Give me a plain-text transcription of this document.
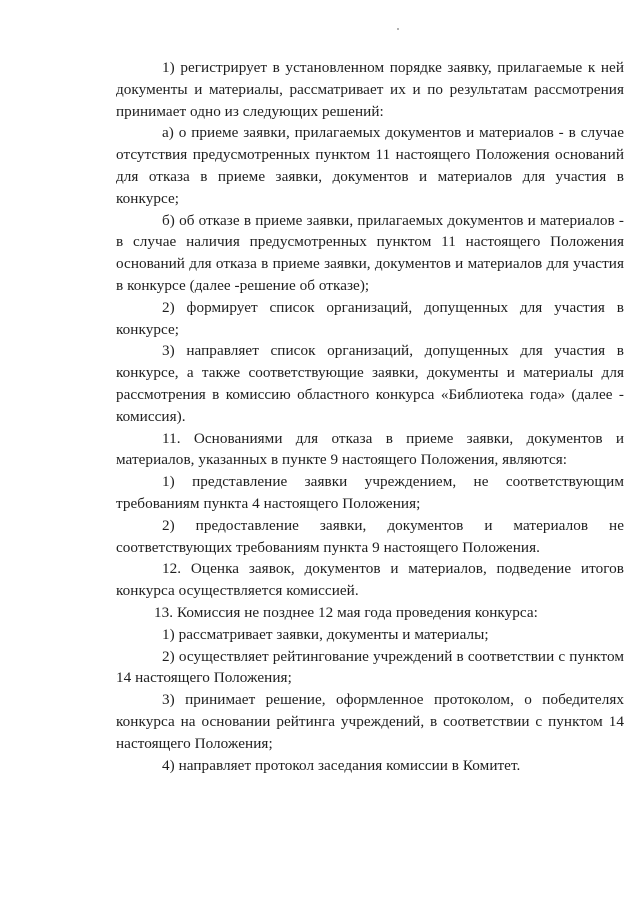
1) регистрирует в установленном порядке заявку, прилагаемые к ней документы и материалы, рассматривает их и по результатам рассмотрения принимает одно из следующих решений:

а) о приеме заявки, прилагаемых документов и материалов - в случае отсутствия предусмотренных пунктом 11 настоящего Положения оснований для отказа в приеме заявки, документов и материалов для участия в конкурсе;

б) об отказе в приеме заявки, прилагаемых документов и материалов - в случае наличия предусмотренных пунктом 11 настоящего Положения оснований для отказа в приеме заявки, документов и материалов для участия в конкурсе (далее -решение об отказе);

2) формирует список организаций, допущенных для участия в конкурсе;

3) направляет список организаций, допущенных для участия в конкурсе, а также соответствующие заявки, документы и материалы для рассмотрения в комиссию областного конкурса «Библиотека года» (далее - комиссия).

11. Основаниями для отказа в приеме заявки, документов и материалов, указанных в пункте 9 настоящего Положения, являются:

1) представление заявки учреждением, не соответствующим требованиям пункта 4 настоящего Положения;

2) предоставление заявки, документов и материалов не соответствующих требованиям пункта 9 настоящего Положения.

12. Оценка заявок, документов и материалов, подведение итогов конкурса осуществляется комиссией.

13. Комиссия не позднее 12 мая года проведения конкурса:

1) рассматривает заявки, документы и материалы;

2) осуществляет рейтингование учреждений в соответствии с пунктом 14 настоящего Положения;

3) принимает решение, оформленное протоколом, о победителях конкурса на основании рейтинга учреждений, в соответствии с пунктом 14 настоящего Положения;

4) направляет протокол заседания комиссии в Комитет.
